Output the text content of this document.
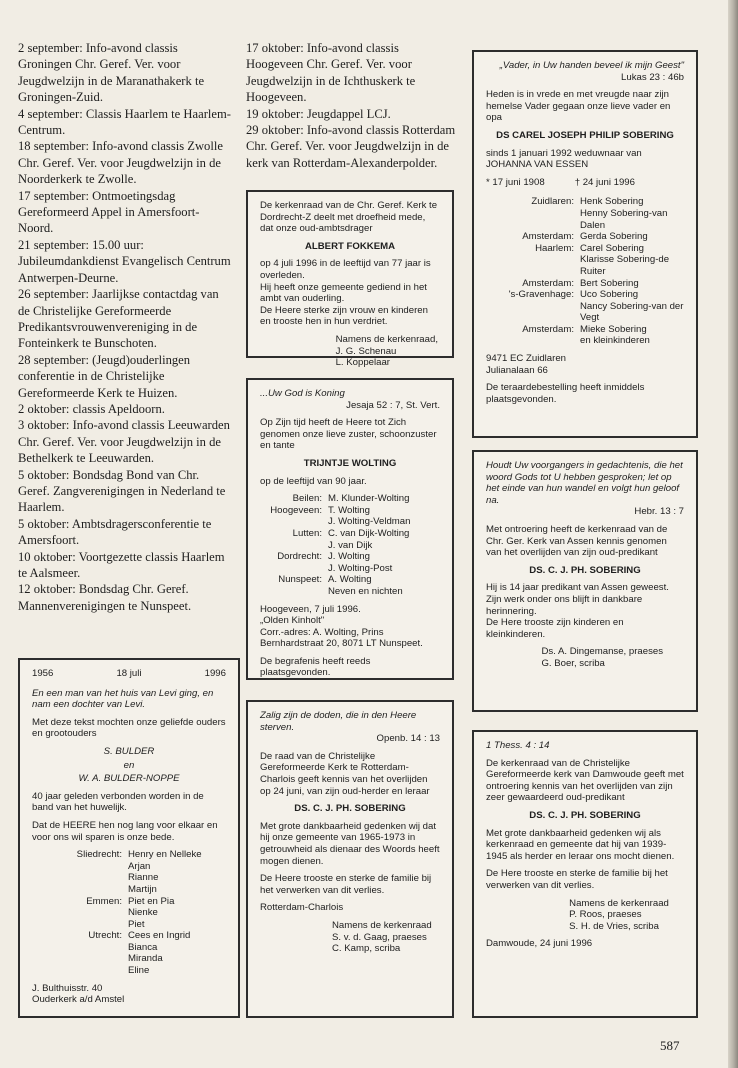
2 september: Info-avond classis Groningen Chr. Geref. Ver. voor Jeugdwelzijn in de Maranathakerk te Groningen-Zuid.

4 september: Classis Haarlem te Haarlem-Centrum.

18 september: Info-avond classis Zwolle Chr. Geref. Ver. voor Jeugdwelzijn in de Noorderkerk te Zwolle.

17 september: Ontmoetingsdag Gereformeerd Appel in Amersfoort-Noord.

21 september: 15.00 uur: Jubileumdankdienst Evangelisch Centrum Antwerpen-Deurne.

26 september: Jaarlijkse contactdag van de Christelijke Gereformeerde Predikantsvrouwenvereniging in de Fonteinkerk te Bunschoten.

28 september: (Jeugd)ouderlingen conferentie in de Christelijke Gereformeerde Kerk te Huizen.

2 oktober: classis Apeldoorn.

3 oktober: Info-avond classis Leeuwarden Chr. Geref. Ver. voor Jeugdwelzijn in de Bethelkerk te Leeuwarden.

5 oktober: Bondsdag Bond van Chr. Geref. Zangverenigingen in Nederland te Haarlem.

5 oktober: Ambtsdragersconferentie te Amersfoort.

10 oktober: Voortgezette classis Haarlem te Aalsmeer.

12 oktober: Bondsdag Chr. Geref. Mannenverenigingen te Nunspeet.

17 oktober: Info-avond classis Hoogeveen Chr. Geref. Ver. voor Jeugdwelzijn in de Ichthuskerk te Hoogeveen.

19 oktober: Jeugdappel LCJ.

29 oktober: Info-avond classis Rotterdam Chr. Geref. Ver. voor Jeugdwelzijn in de kerk van Rotterdam-Alexanderpolder.

1956	18 juli	1996

En een man van het huis van Levi ging, en nam een dochter van Levi.

Met deze tekst mochten onze geliefde ouders en grootouders

S. BULDER

en

W. A. BULDER-NOPPE

40 jaar geleden verbonden worden in de band van het huwelijk.

Dat de HEERE hen nog lang voor elkaar en voor ons wil sparen is onze bede.

Sliedrecht: Henry en Nelleke
Arjan
Rianne
Martijn
Emmen: Piet en Pia
Nienke
Piet
Utrecht: Cees en Ingrid
Bianca
Miranda
Eline
J. Bulthuisstr. 40
Ouderkerk a/d Amstel

De kerkenraad van de Chr. Geref. Kerk te Dordrecht-Z deelt met droefheid mede, dat onze oud-ambtsdrager

ALBERT FOKKEMA

op 4 juli 1996 in de leeftijd van 77 jaar is overleden.

Hij heeft onze gemeente gediend in het ambt van ouderling.

De Heere sterke zijn vrouw en kinderen en trooste hen in hun verdriet.

Namens de kerkenraad,
J. G. Schenau
L. Koppelaar

...Uw God is Koning

Jesaja 52 : 7, St. Vert.

Op Zijn tijd heeft de Heere tot Zich genomen onze lieve zuster, schoonzuster en tante

TRIJNTJE WOLTING

op de leeftijd van 90 jaar.

Beilen: M. Klunder-Wolting
Hoogeveen: T. Wolting
J. Wolting-Veldman
Lutten: C. van Dijk-Wolting
J. van Dijk
Dordrecht: J. Wolting
J. Wolting-Post
Nunspeet: A. Wolting
Neven en nichten

Hoogeveen, 7 juli 1996.
„Olden Kinholt"
Corr.-adres: A. Wolting, Prins Bernhardstraat 20, 8071 LT Nunspeet.

De begrafenis heeft reeds plaatsgevonden.

Zalig zijn de doden, die in den Heere sterven.

Openb. 14 : 13

De raad van de Christelijke Gereformeerde Kerk te Rotterdam-Charlois geeft kennis van het overlijden op 24 juni, van zijn oud-herder en leraar

DS. C. J. PH. SOBERING

Met grote dankbaarheid gedenken wij dat hij onze gemeente van 1965-1973 in getrouwheid als dienaar des Woords heeft mogen dienen.

De Heere trooste en sterke de familie bij het verwerken van dit verlies.

Rotterdam-Charlois

Namens de kerkenraad
S. v. d. Gaag, praeses
C. Kamp, scriba

„Vader, in Uw handen beveel ik mijn Geest"

Lukas 23 : 46b

Heden is in vrede en met vreugde naar zijn hemelse Vader gegaan onze lieve vader en opa

DS CAREL JOSEPH PHILIP SOBERING

sinds 1 januari 1992 weduwnaar van JOHANNA VAN ESSEN

* 17 juni 1908	† 24 juni 1996
Zuidlaren: Henk Sobering
Henny Sobering-van Dalen
Amsterdam: Gerda Sobering
Haarlem: Carel Sobering
Klarisse Sobering-de Ruiter
Amsterdam: Bert Sobering
's-Gravenhage: Uco Sobering
Nancy Sobering-van der Vegt
Amsterdam: Mieke Sobering
en kleinkinderen

9471 EC Zuidlaren
Julianalaan 66

De teraardebestelling heeft inmiddels plaatsgevonden.

Houdt Uw voorgangers in gedachtenis, die het woord Gods tot U hebben gesproken; let op het einde van hun wandel en volgt hun geloof na.

Hebr. 13 : 7

Met ontroering heeft de kerkenraad van de Chr. Ger. Kerk van Assen kennis genomen van het overlijden van zijn oud-predikant

DS. C. J. PH. SOBERING

Hij is 14 jaar predikant van Assen geweest. Zijn werk onder ons blijft in dankbare herinnering.

De Here trooste zijn kinderen en kleinkinderen.

Ds. A. Dingemanse, praeses
G. Boer, scriba

1 Thess. 4 : 14

De kerkenraad van de Christelijke Gereformeerde kerk van Damwoude geeft met ontroering kennis van het overlijden van zijn zeer gewaardeerd oud-predikant

DS. C. J. PH. SOBERING

Met grote dankbaarheid gedenken wij als kerkenraad en gemeente dat hij van 1939-1945 als herder en leraar ons mocht dienen.

De Here trooste en sterke de familie bij het verwerken van dit verlies.

Namens de kerkenraad
P. Roos, praeses
S. H. de Vries, scriba

Damwoude, 24 juni 1996

587
